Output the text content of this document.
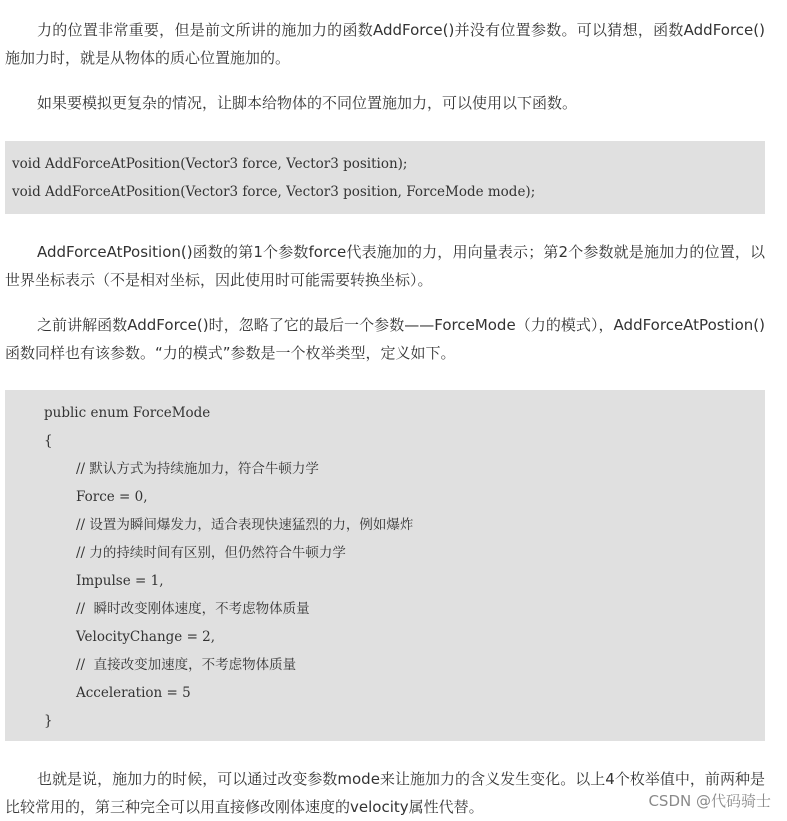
力的位置非常重要，但是前文所讲的施加力的函数AddForce()并没有位置参数。可以猜想，函数AddForce()施加力时，就是从物体的质心位置施加的。

如果要模拟更复杂的情况，让脚本给物体的不同位置施加力，可以使用以下函数。

void AddForceAtPosition(Vector3 force, Vector3 position);
void AddForceAtPosition(Vector3 force, Vector3 position, ForceMode mode);

AddForceAtPosition()函数的第1个参数force代表施加的力，用向量表示；第2个参数就是施加力的位置，以世界坐标表示（不是相对坐标，因此使用时可能需要转换坐标）。

之前讲解函数AddForce()时，忽略了它的最后一个参数——ForceMode（力的模式），AddForceAtPostion()函数同样也有该参数。“力的模式”参数是一个枚举类型，定义如下。

public enum ForceMode
{
// 默认方式为持续施加力，符合牛顿力学
Force = 0,
// 设置为瞬间爆发力，适合表现快速猛烈的力，例如爆炸
// 力的持续时间有区别，但仍然符合牛顿力学
Impulse = 1,
//  瞬时改变刚体速度，不考虑物体质量
VelocityChange = 2,
//  直接改变加速度，不考虑物体质量
Acceleration = 5
}

也就是说，施加力的时候，可以通过改变参数mode来让施加力的含义发生变化。以上4个枚举值中，前两种是比较常用的，第三种完全可以用直接修改刚体速度的velocity属性代替。	CSDN @代码骑士
